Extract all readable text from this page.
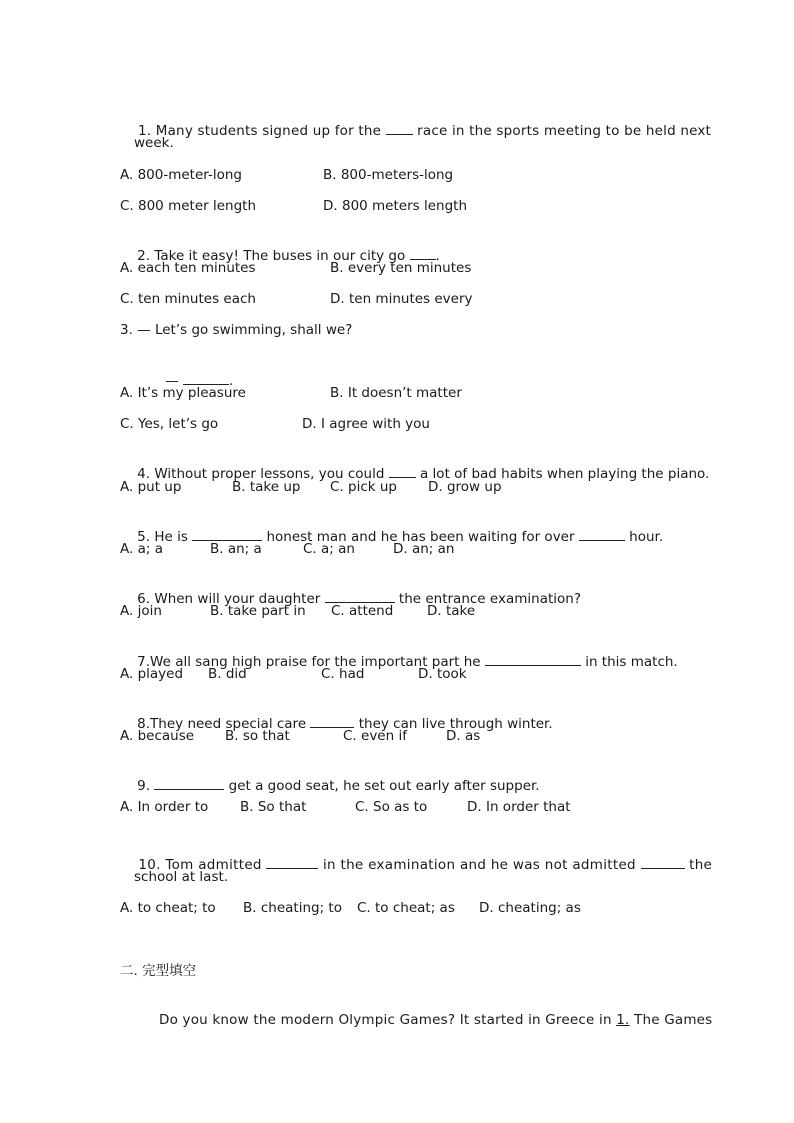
1. Many students signed up for the  race in the sports meeting to be held next

week.
A. 800-meter-long	B. 800-meters-long
C. 800 meter length	D. 800 meters length

2. Take it easy! The buses in our city go .

A. each ten minutes	B. every ten minutes
C. ten minutes each	D. ten minutes every
3. — Let’s go swimming, shall we?

—	.

A. It’s my pleasure	B. It doesn’t matter
C. Yes, let’s go	D. I agree with you

4. Without proper lessons, you could  a lot of bad habits when playing the piano.

A. put up	B. take up C. pick up D. grow up

5. He is	honest man and he has been waiting for over	hour.

A. a; a	B. an; a	C. a; an	D. an; an

6. When will your daughter	the entrance examination?

A. join	B. take part in C. attend D. take

7.We all sang high praise for the important part he	in this match.

A. played B. did	C. had	D. took

8.They need special care	they can live through winter.

A. because B. so that	C. even if	D. as

9.	get a good seat, he set out early after supper.

A. In order to B. So that	C. So as to	D. In order that

10. Tom admitted	in the examination and he was not admitted	the

school at last.
A. to cheat; to B. cheating; to C. to cheat; as D. cheating; as
二. 完型填空

Do you know the modern Olympic Games? It started in Greece in 1. The Games
